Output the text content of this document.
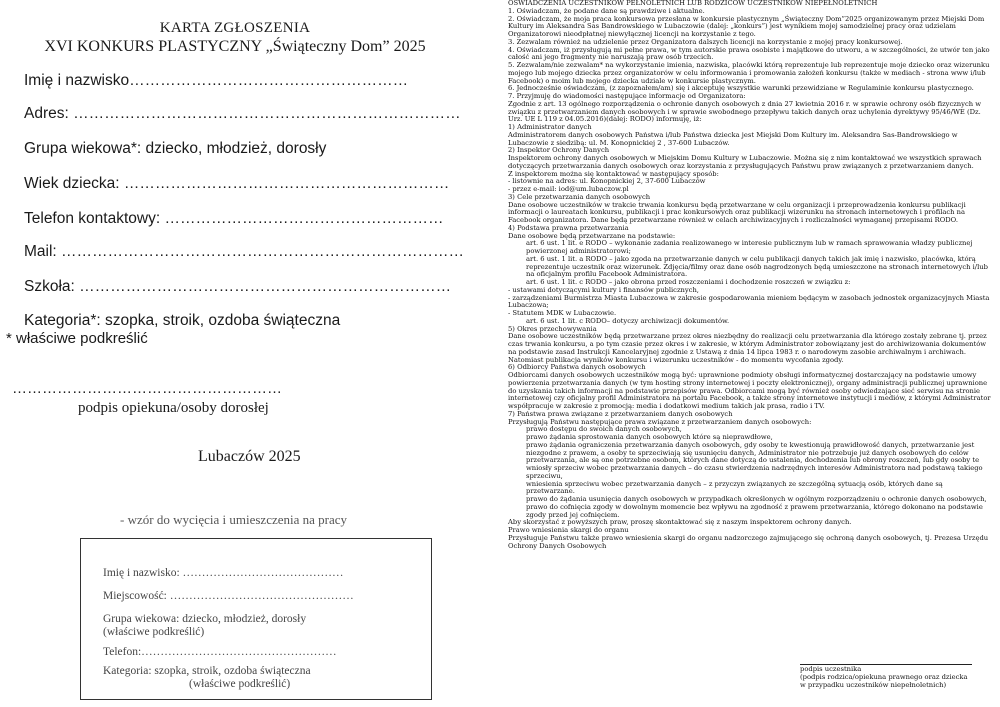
KARTA ZGŁOSZENIA
XVI KONKURS PLASTYCZNY „Świąteczny Dom” 2025
Imię i nazwisko………………………………………………
Adres: …………………………………………………………………
Grupa wiekowa*: dziecko, młodzież, dorosły
Wiek dziecka: ………………………………………………………
Telefon kontaktowy: ………………………………………………
Mail: ……………………………………………………………………
Szkoła: ………………………………………………………………
Kategoria*: szopka, stroik, ozdoba świąteczna
* właściwe podkreślić
………………………………………………
podpis opiekuna/osoby dorosłej
Lubaczów 2025
- wzór do wycięcia i umieszczenia na pracy
Imię i nazwisko: ……………………………………
Miejscowość: …………………………………………
Grupa wiekowa: dziecko, młodzież, dorosły
(właściwe podkreślić)
Telefon:……………………………………………
Kategoria: szopka, stroik, ozdoba świąteczna
(właściwe podkreślić)

OŚWIADCZENIA UCZESTNIKÓW PEŁNOLETNICH LUB RODZICÓW UCZESTNIKÓW NIEPEŁNOLETNICH

1. Oświadczam, że podane dane są prawdziwe i aktualne.

2. Oświadczam, że moja praca konkursowa przesłana w konkursie plastycznym „Świąteczny Dom”2025 organizowanym przez Miejski Dom Kultury im Aleksandra Sas Bandrowskiego w Lubaczowie (dalej: „konkurs”) jest wynikiem mojej samodzielnej pracy oraz udzielam Organizatorowi nieodpłatnej niewyłącznej licencji na korzystanie z tego.

3. Zezwalam również na udzielenie przez Organizatora dalszych licencji na korzystanie z mojej pracy konkursowej.

4. Oświadczam, iż przysługują mi pełne prawa, w tym autorskie prawa osobiste i majątkowe do utworu, a w szczególności, że utwór ten jako całość ani jego fragmenty nie naruszają praw osób trzecich.

5. Zezwalam/nie zezwalam* na wykorzystanie imienia, nazwiska, placówki którą reprezentuje lub reprezentuje moje dziecko oraz wizerunku mojego lub mojego dziecka przez organizatorów w celu informowania i promowania założeń konkursu (także w mediach - strona www i/lub Facebook) o moim lub mojego dziecka udziale w konkursie plastycznym.

6. Jednocześnie oświadczam, (z zapoznałem/am) się i akceptuję wszystkie warunki przewidziane w Regulaminie konkursu plastycznego.

7. Przyjmuję do wiadomości następujące informacje od Organizatora:

Zgodnie z art. 13 ogólnego rozporządzenia o ochronie danych osobowych z dnia 27 kwietnia 2016 r. w sprawie ochrony osób fizycznych w związku z przetwarzaniem danych osobowych i w sprawie swobodnego przepływu takich danych oraz uchylenia dyrektywy 95/46/WE (Dz. Urz. UE L 119 z 04.05.2016)(dalej: RODO) informuję, iż:

1) Administrator danych

Administratorem danych osobowych Państwa i/lub Państwa dziecka jest Miejski Dom Kultury im. Aleksandra Sas-Bandrowskiego w Lubaczowie z siedzibą: ul. M. Konopnickiej 2 , 37-600 Lubaczów.

2) Inspektor Ochrony Danych

Inspektorem ochrony danych osobowych w Miejskim Domu Kultury w Lubaczowie. Można się z nim kontaktować we wszystkich sprawach dotyczących przetwarzania danych osobowych oraz korzystania z przysługujących Państwu praw związanych z przetwarzaniem danych.

Z inspektorem można się kontaktować w następujący sposób:

- listownie na adres: ul. Konopnickiej 2, 37-600 Lubaczów

- przez e-mail: iod@um.lubaczow.pl

3) Cele przetwarzania danych osobowych

Dane osobowe uczestników w trakcie trwania konkursu będą przetwarzane w celu organizacji i przeprowadzenia konkursu publikacji informacji o laureatach konkursu, publikacji i prac konkursowych oraz publikacji wizerunku na stronach internetowych i profilach na Facebook organizatora. Dane będą przetwarzane również w celach archiwizacyjnych i rozliczalności wymaganej przepisami RODO.

4) Podstawa prawna przetwarzania

Dane osobowe będą przetwarzane na podstawie:

art. 6 ust. 1 lit. e RODO – wykonanie zadania realizowanego w interesie publicznym lub w ramach sprawowania władzy publicznej powierzonej administratorowi;

art. 6 ust. 1 lit. a RODO – jako zgoda na przetwarzanie danych w celu publikacji danych takich jak imię i nazwisko, placówka, którą reprezentuje uczestnik oraz wizerunek. Zdjęcia/filmy oraz dane osób nagrodzonych będą umieszczone na stronach internetowych i/lub na oficjalnym profilu Facebook Administratora.

art. 6 ust. 1 lit. c RODO – jako obrona przed roszczeniami i dochodzenie roszczeń w związku z:

- ustawami dotyczącymi kultury i finansów publicznych,

- zarządzeniami Burmistrza Miasta Lubaczowa w zakresie gospodarowania mieniem będącym w zasobach jednostek organizacyjnych Miasta Lubaczowa;

- Statutem MDK w Lubaczowie.

art. 6 ust. 1 lit. c RODO– dotyczy archiwizacji dokumentów.

5) Okres przechowywania

Dane osobowe uczestników będą przetwarzane przez okres niezbędny do realizacji celu przetwarzania dla którego zostały zebrane tj. przez czas trwania konkursu, a po tym czasie przez okres i w zakresie, w którym Administrator zobowiązany jest do archiwizowania dokumentów na podstawie zasad Instrukcji Kancelaryjnej zgodnie z Ustawą z dnia 14 lipca 1983 r. o narodowym zasobie archiwalnym i archiwach. Natomiast publikacja wyników konkursu i wizerunku uczestników - do momentu wycofania zgody.

6) Odbiorcy Państwa danych osobowych

Odbiorcami danych osobowych uczestników mogą być: uprawnione podmioty obsługi informatycznej dostarczający na podstawie umowy powierzenia przetwarzania danych (w tym hosting strony internetowej i poczty elektronicznej), organy administracji publicznej uprawnione do uzyskania takich informacji na podstawie przepisów prawa. Odbiorcami mogą być również osoby odwiedzające sieć serwisu na stronie internetowej czy oficjalny profil Administratora na portalu Facebook, a także strony internetowe instytucji i mediów, z którymi Administrator współpracuje w zakresie z promocją: media i dodatkowi medium takich jak prasa, radio i TV.

7) Państwa prawa związane z przetwarzaniem danych osobowych

Przysługują Państwu następujące prawa związane z przetwarzaniem danych osobowych:

prawo dostępu do swoich danych osobowych,

prawo żądania sprostowania danych osobowych które są nieprawdłowe,

prawo żądania ograniczenia przetwarzania danych osobowych, gdy osoby te kwestionują prawidłowość danych, przetwarzanie jest niezgodne z prawem, a osoby te sprzeciwiają się usunięciu danych, Administrator nie potrzebuje już danych osobowych do celów przetwarzania, ale są one potrzebne osobom, których dane dotyczą do ustalenia, dochodzenia lub obrony roszczeń, lub gdy osoby te wniosły sprzeciw wobec przetwarzania danych – do czasu stwierdzenia nadrzędnych interesów Administratora nad podstawą takiego sprzeciwu,

wniesienia sprzeciwu wobec przetwarzania danych – z przyczyn związanych ze szczególną sytuacją osób, których dane są przetwarzane.

prawo do żądania usunięcia danych osobowych w przypadkach określonych w ogólnym rozporządzeniu o ochronie danych osobowych,

prawo do cofnięcia zgody w dowolnym momencie bez wpływu na zgodność z prawem przetwarzania, którego dokonano na podstawie zgody przed jej cofnięciem.

Aby skorzystać z powyższych praw, proszę skontaktować się z naszym inspektorem ochrony danych.

Prawo wniesienia skargi do organu

Przysługuje Państwu także prawo wniesienia skargi do organu nadzorczego zajmującego się ochroną danych osobowych, tj. Prezesa Urzędu Ochrony Danych Osobowych

podpis uczestnika
(podpis rodzica/opiekuna prawnego oraz dziecka
w przypadku uczestników niepełnoletnich)
